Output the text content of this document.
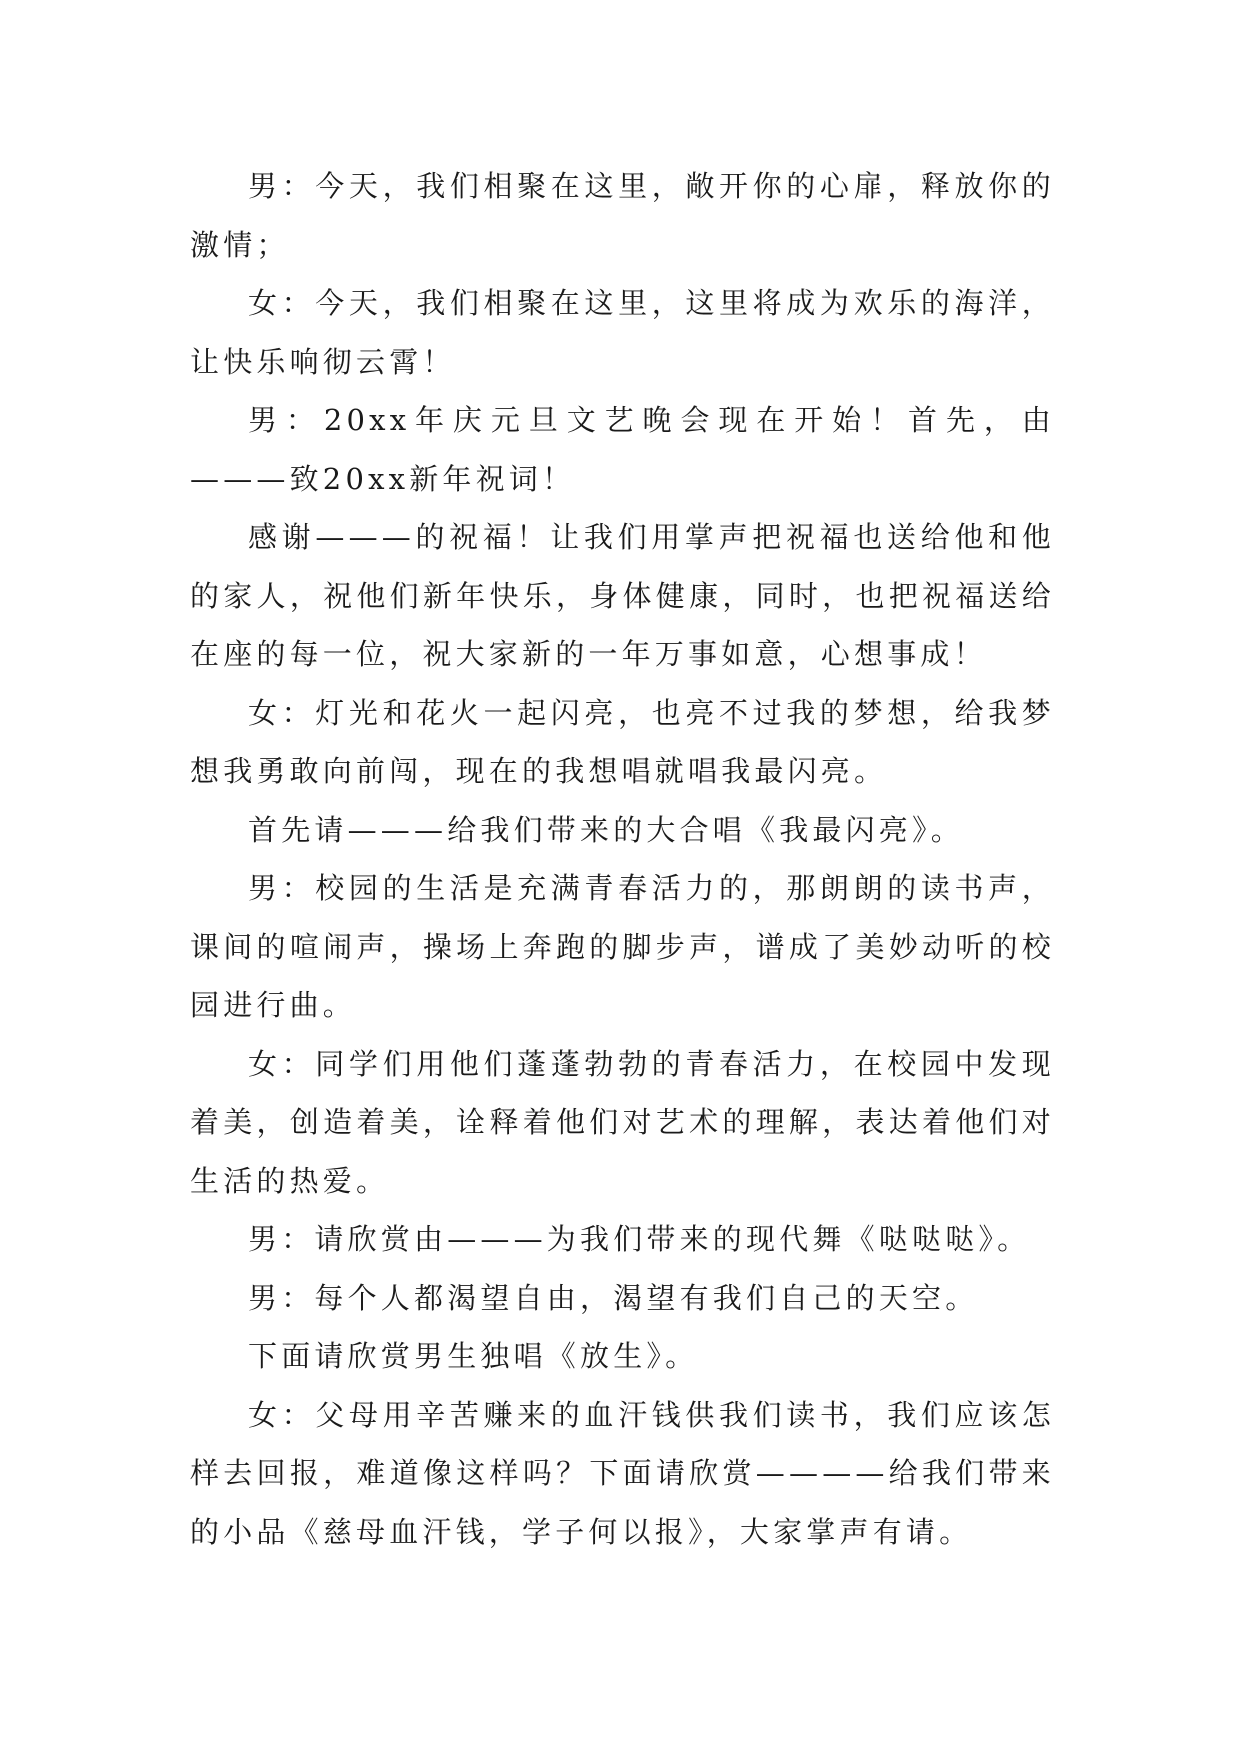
男：今天，我们相聚在这里，敞开你的心扉，释放你的激情；

女：今天，我们相聚在这里，这里将成为欢乐的海洋，让快乐响彻云霄！

男：20xx年庆元旦文艺晚会现在开始！首先，由———致20xx新年祝词！

感谢———的祝福！让我们用掌声把祝福也送给他和他的家人，祝他们新年快乐，身体健康，同时，也把祝福送给在座的每一位，祝大家新的一年万事如意，心想事成！

女：灯光和花火一起闪亮，也亮不过我的梦想，给我梦想我勇敢向前闯，现在的我想唱就唱我最闪亮。

首先请———给我们带来的大合唱《我最闪亮》。

男：校园的生活是充满青春活力的，那朗朗的读书声，课间的喧闹声，操场上奔跑的脚步声，谱成了美妙动听的校园进行曲。

女：同学们用他们蓬蓬勃勃的青春活力，在校园中发现着美，创造着美，诠释着他们对艺术的理解，表达着他们对生活的热爱。

男：请欣赏由———为我们带来的现代舞《哒哒哒》。

男：每个人都渴望自由，渴望有我们自己的天空。

下面请欣赏男生独唱《放生》。

女：父母用辛苦赚来的血汗钱供我们读书，我们应该怎样去回报，难道像这样吗？下面请欣赏————给我们带来的小品《慈母血汗钱，学子何以报》，大家掌声有请。
